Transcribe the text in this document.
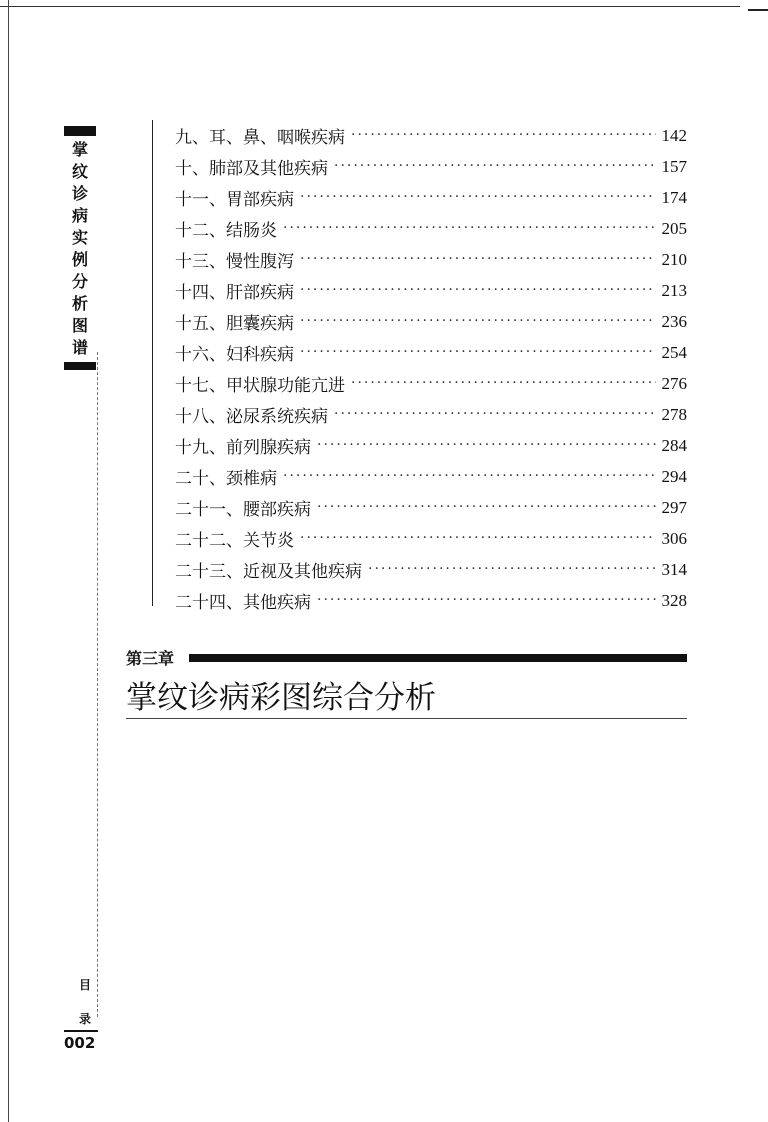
掌
纹
诊
病
实
例
分
析
图
谱
目
录
002
九、耳、鼻、咽喉疾病 ·····	142
十、肺部及其他疾病 ·····	157
十一、胃部疾病 ·····	174
十二、结肠炎 ·····	205
十三、慢性腹泻 ·····	210
十四、肝部疾病 ·····	213
十五、胆囊疾病 ·····	236
十六、妇科疾病 ·····	254
十七、甲状腺功能亢进 ·····	276
十八、泌尿系统疾病 ·····	278
十九、前列腺疾病 ·····	284
二十、颈椎病 ·····	294
二十一、腰部疾病 ·····	297
二十二、关节炎 ·····	306
二十三、近视及其他疾病 ·····	314
二十四、其他疾病 ·····	328
第三章
掌纹诊病彩图综合分析
